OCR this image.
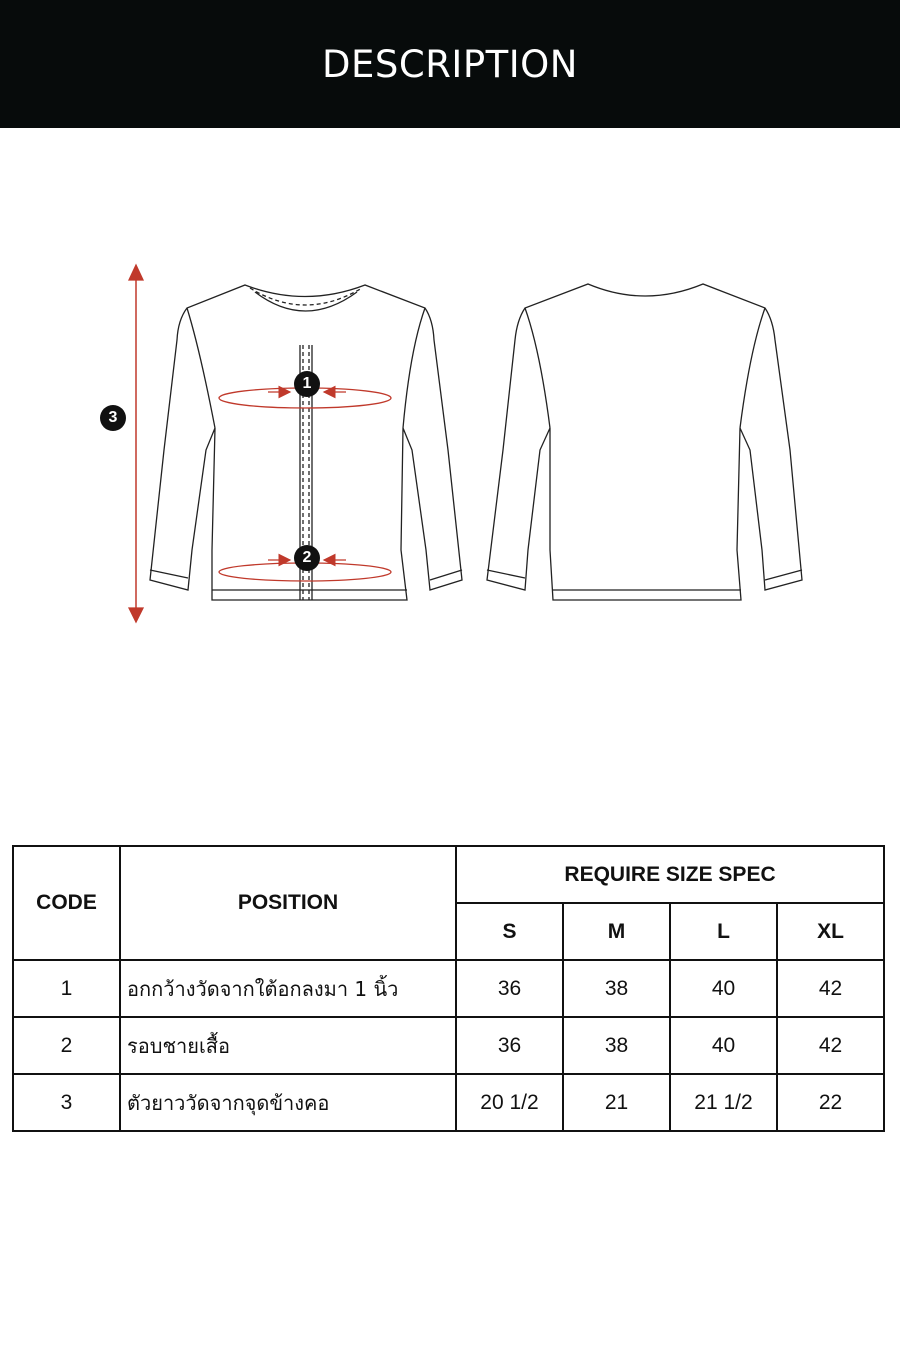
DESCRIPTION
1
2
3
CODE	POSITION	REQUIRE SIZE SPEC			
		S	M	L	XL
1	อกกว้างวัดจากใต้อกลงมา 1 นิ้ว	36	38	40	42
2	รอบชายเสื้อ	36	38	40	42
3	ตัวยาววัดจากจุดข้างคอ	20 1/2	21	21 1/2	22
